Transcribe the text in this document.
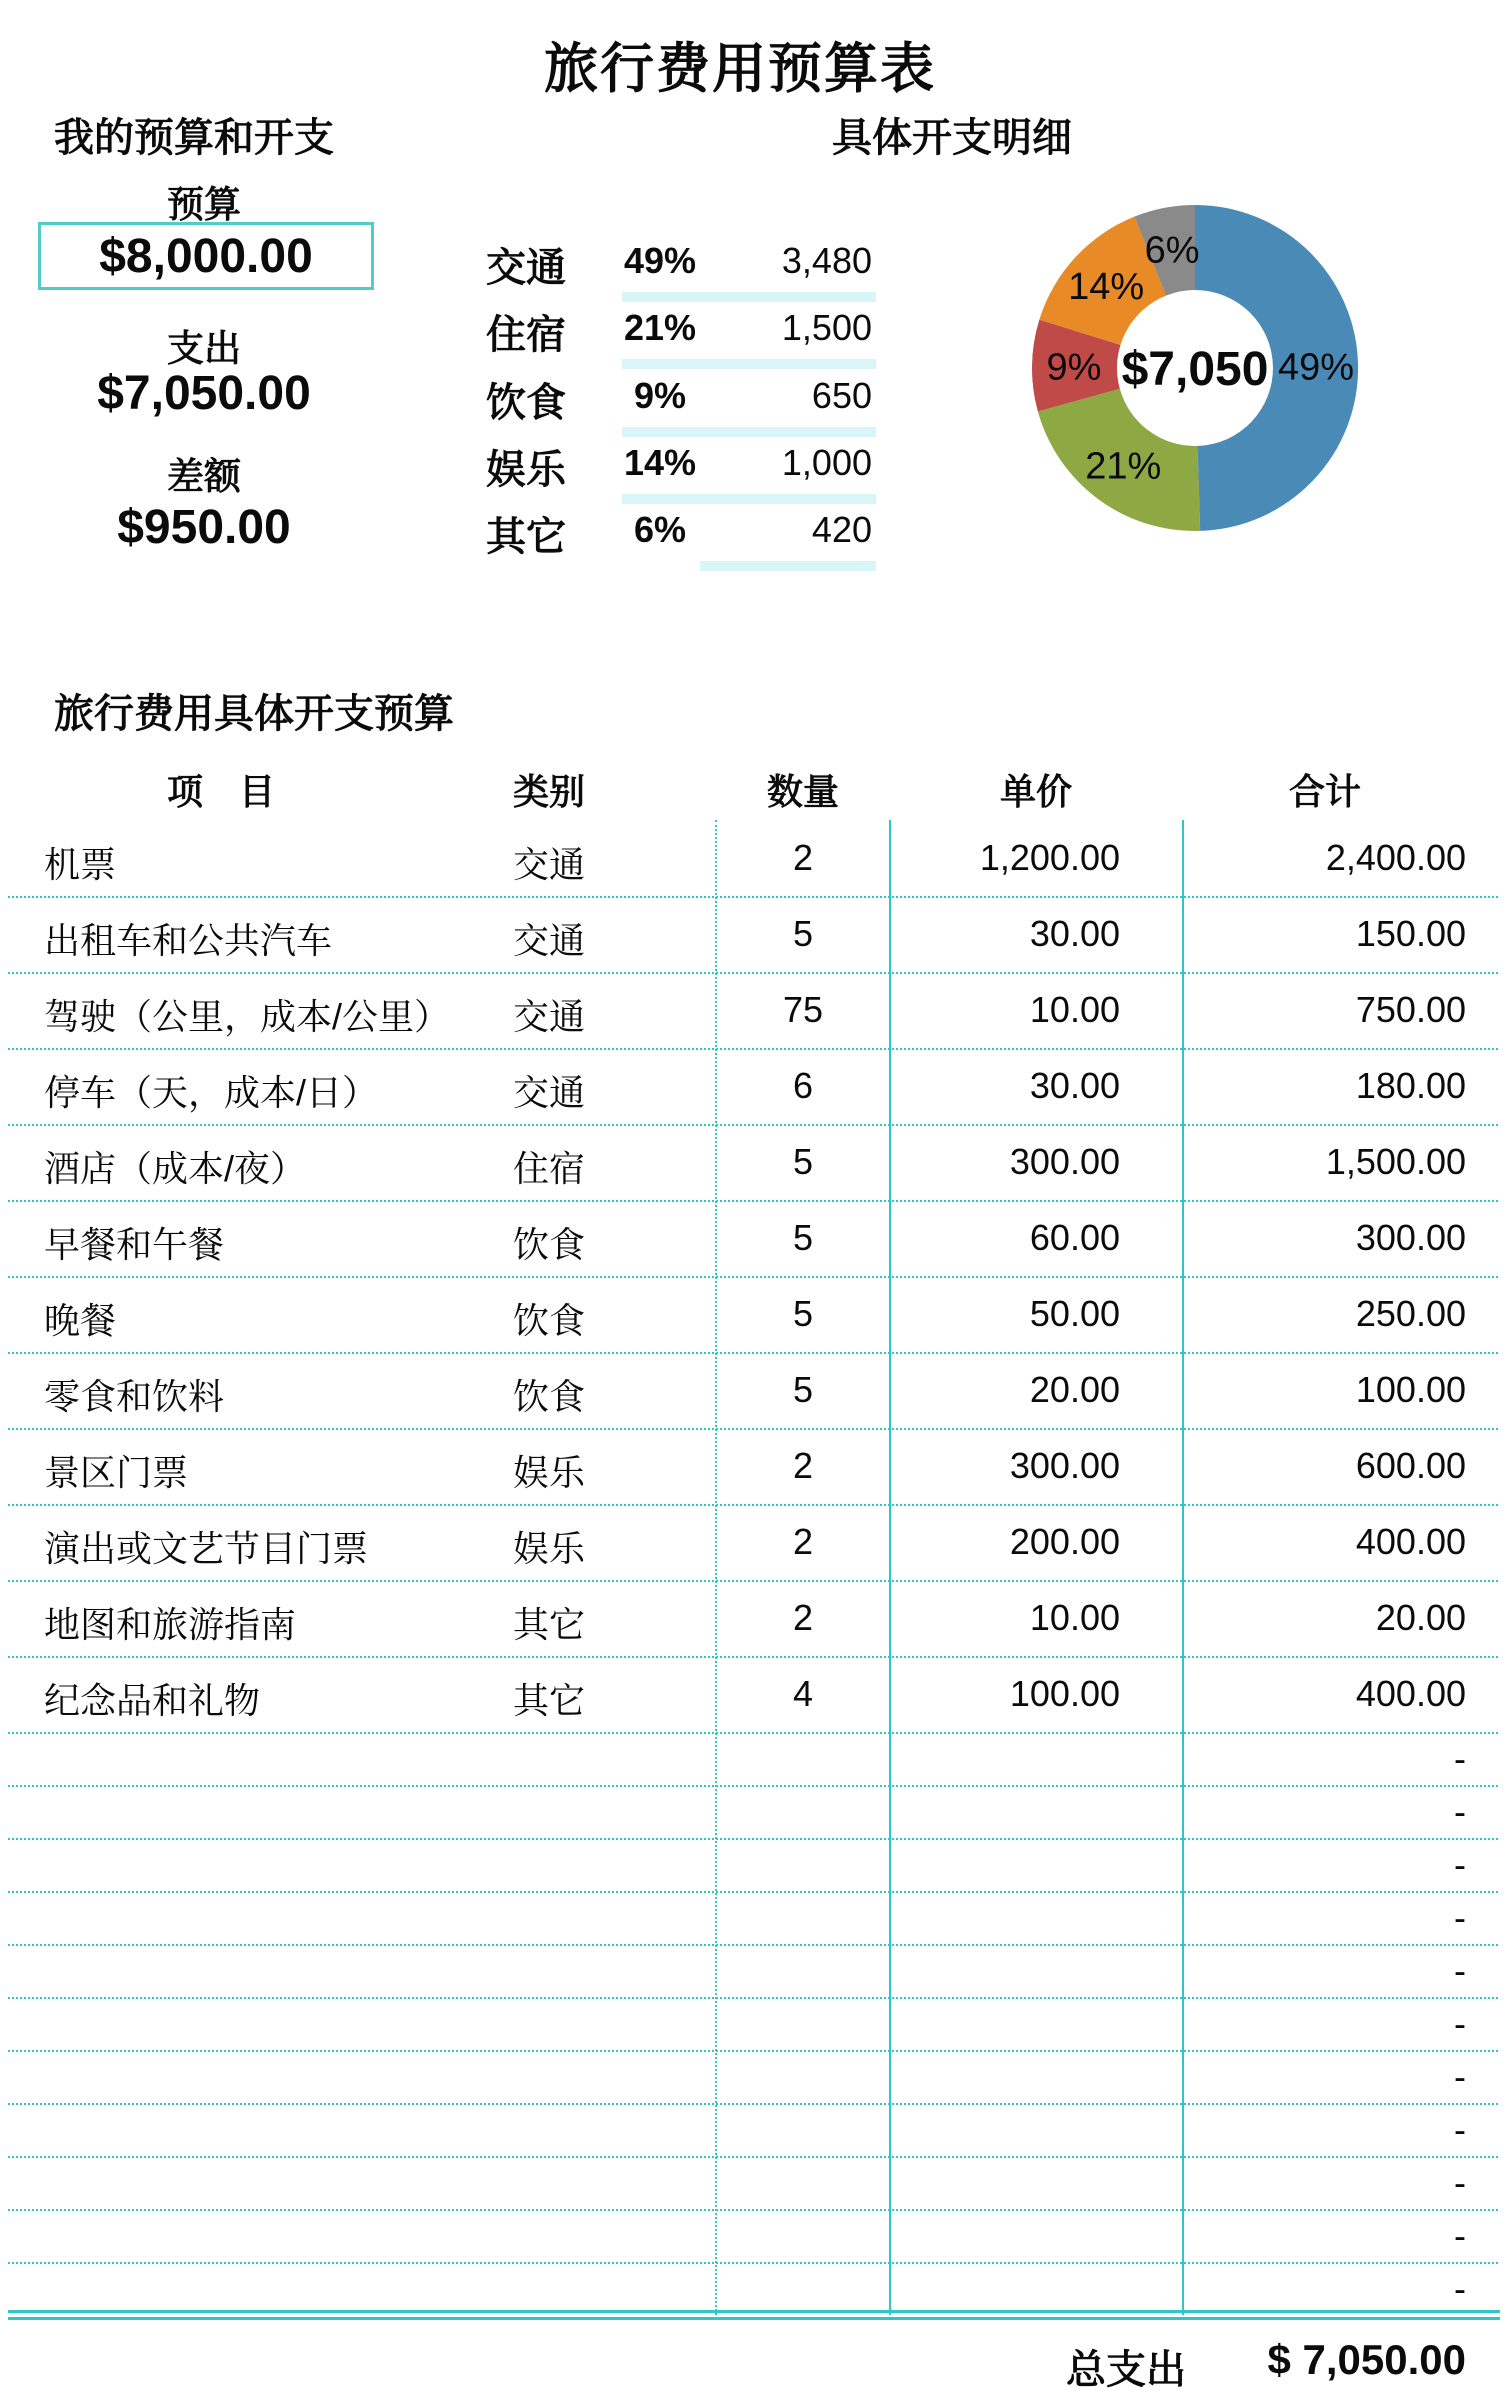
旅行费用预算表
我的预算和开支
预算
$8,000.00
支出
$7,050.00
差额
$950.00
具体开支明细
交通 49%	3,480
住宿 21%	1,500
饮食	9%	650
娱乐 14%	1,000
其它	6%	420
49%
21%
9%
14%
6%
$7,050
旅行费用具体开支预算
项　目	类别	数量	单价	合计
机票	交通	2	1,200.00	2,400.00
出租车和公共汽车	交通	5	30.00	150.00
驾驶（公里，成本/公里） 交通	75	10.00	750.00
停车（天，成本/日）	交通	6	30.00	180.00
酒店（成本/夜）	住宿	5	300.00	1,500.00
早餐和午餐	饮食	5	60.00	300.00
晚餐	饮食	5	50.00	250.00
零食和饮料	饮食	5	20.00	100.00
景区门票	娱乐	2	300.00	600.00
演出或文艺节目门票	娱乐	2	200.00	400.00
地图和旅游指南	其它	2	10.00	20.00
纪念品和礼物	其它	4	100.00	400.00
-
-
-
-
-
-
-
-
-
-
-
总支出	$ 7,050.00
